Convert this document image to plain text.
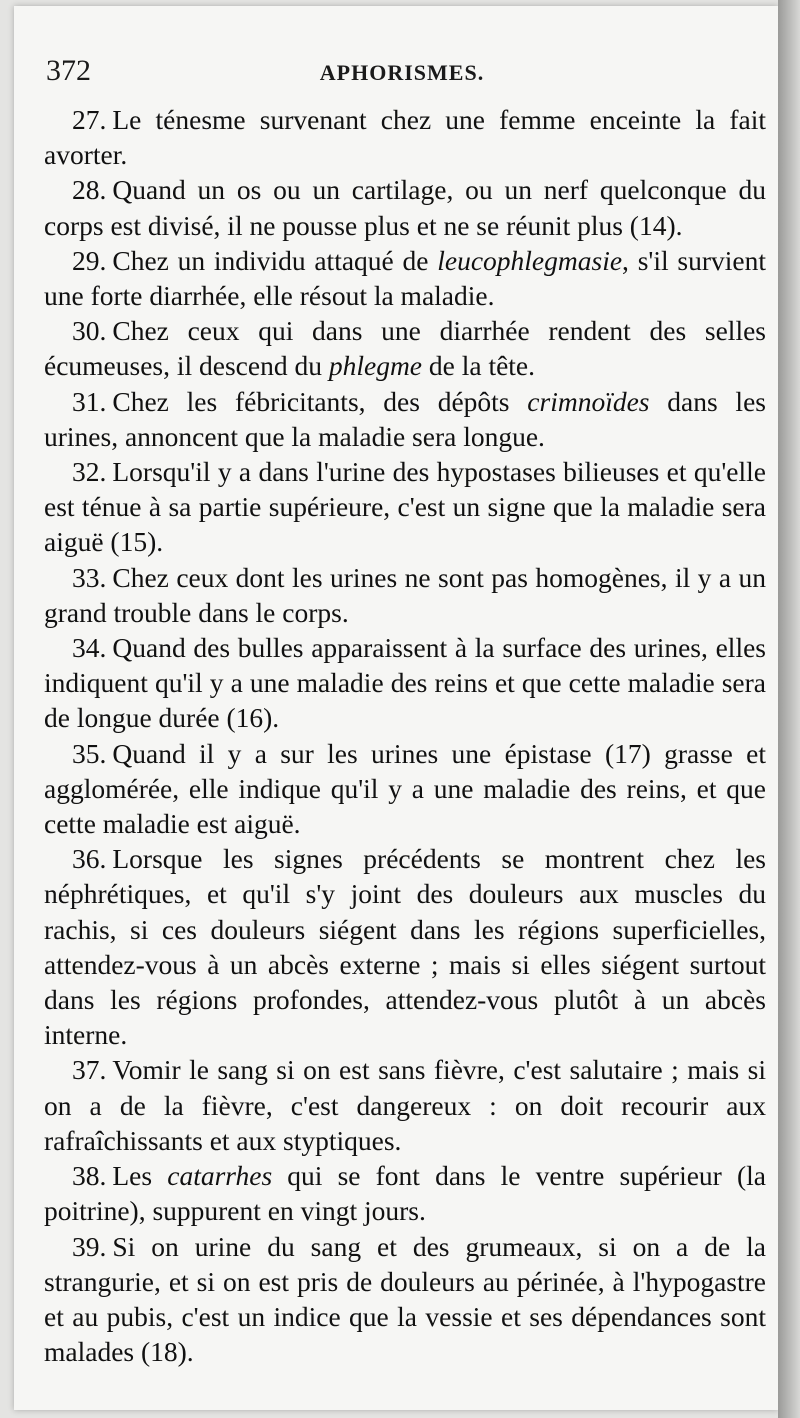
372	APHORISMES.

27. Le ténesme survenant chez une femme enceinte la fait avorter.

28. Quand un os ou un cartilage, ou un nerf quelconque du corps est divisé, il ne pousse plus et ne se réunit plus (14).

29. Chez un individu attaqué de leucophlegmasie, s'il survient une forte diarrhée, elle résout la maladie.

30. Chez ceux qui dans une diarrhée rendent des selles écumeuses, il descend du phlegme de la tête.

31. Chez les fébricitants, des dépôts crimnoïdes dans les urines, annoncent que la maladie sera longue.

32. Lorsqu'il y a dans l'urine des hypostases bilieuses et qu'elle est ténue à sa partie supérieure, c'est un signe que la maladie sera aiguë (15).

33. Chez ceux dont les urines ne sont pas homogènes, il y a un grand trouble dans le corps.

34. Quand des bulles apparaissent à la surface des urines, elles indiquent qu'il y a une maladie des reins et que cette maladie sera de longue durée (16).

35. Quand il y a sur les urines une épistase (17) grasse et agglomérée, elle indique qu'il y a une maladie des reins, et que cette maladie est aiguë.

36. Lorsque les signes précédents se montrent chez les néphrétiques, et qu'il s'y joint des douleurs aux muscles du rachis, si ces douleurs siégent dans les régions superficielles, attendez-vous à un abcès externe ; mais si elles siégent surtout dans les régions profondes, attendez-vous plutôt à un abcès interne.

37. Vomir le sang si on est sans fièvre, c'est salutaire ; mais si on a de la fièvre, c'est dangereux : on doit recourir aux rafraîchissants et aux styptiques.

38. Les catarrhes qui se font dans le ventre supérieur (la poitrine), suppurent en vingt jours.

39. Si on urine du sang et des grumeaux, si on a de la strangurie, et si on est pris de douleurs au périnée, à l'hypogastre et au pubis, c'est un indice que la vessie et ses dépendances sont malades (18).
